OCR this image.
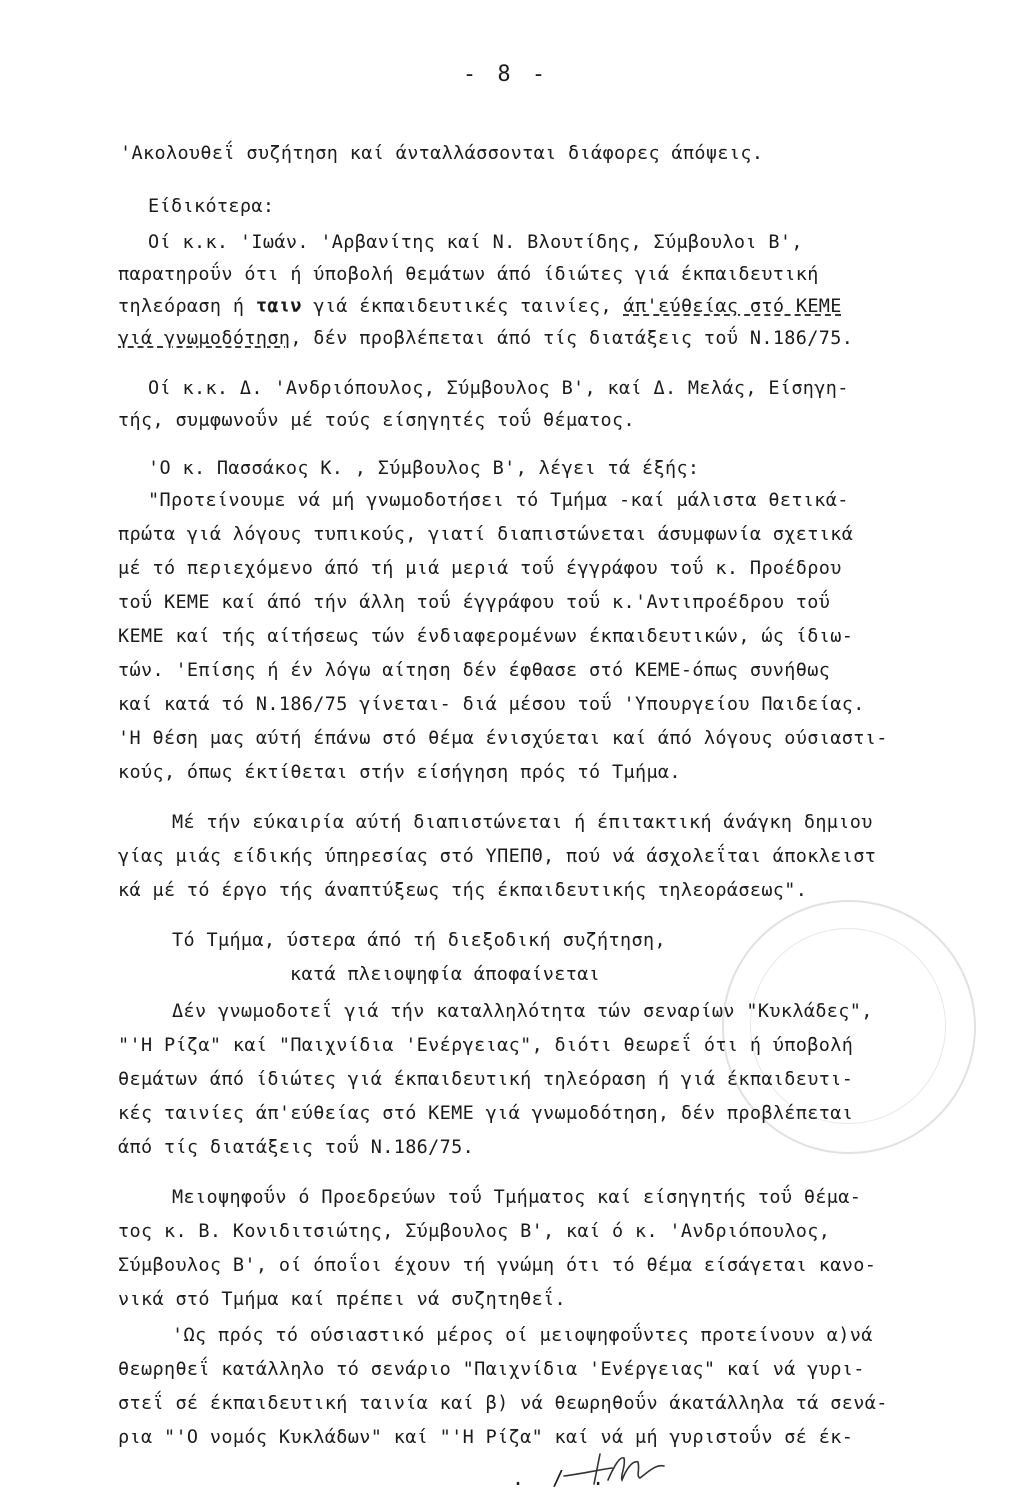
- 8 -
'Ακολουθεΐ συζήτηση καί άνταλλάσσονται διάφορες άπόψεις.
Είδικότερα:
Οί κ.κ. 'Ιωάν. 'Αρβανίτης καί Ν. Βλουτίδης, Σύμβουλοι Β',
παρατηροΰν ότι ή ύποβολή θεμάτων άπό ίδιώτες γιά έκπαιδευτική
τηλεόραση ή ταιν γιά έκπαιδευτικές ταινίες, άπ'εύθείας στό ΚΕΜΕ
γιά γνωμοδότηση, δέν προβλέπεται άπό τίς διατάξεις τοΰ Ν.186/75.
Οί κ.κ. Δ. 'Ανδριόπουλος, Σύμβουλος Β', καί Δ. Μελάς, Είσηγη-
τής, συμφωνοΰν μέ τούς είσηγητές τοΰ θέματος.
'Ο κ. Πασσάκος Κ. , Σύμβουλος Β', λέγει τά έξής:
"Προτείνουμε νά μή γνωμοδοτήσει τό Τμήμα -καί μάλιστα θετικά-
πρώτα γιά λόγους τυπικούς, γιατί διαπιστώνεται άσυμφωνία σχετικά
μέ τό περιεχόμενο άπό τή μιά μεριά τοΰ έγγράφου τοΰ κ. Προέδρου
τοΰ ΚΕΜΕ καί άπό τήν άλλη τοΰ έγγράφου τοΰ κ.'Αντιπροέδρου τοΰ
ΚΕΜΕ καί τής αίτήσεως τών ένδιαφερομένων έκπαιδευτικών, ώς ίδιω-
τών. 'Επίσης ή έν λόγω αίτηση δέν έφθασε στό ΚΕΜΕ-όπως συνήθως
καί κατά τό Ν.186/75 γίνεται- διά μέσου τοΰ 'Υπουργείου Παιδείας.
'Η θέση μας αύτή έπάνω στό θέμα ένισχύεται καί άπό λόγους ούσιαστι-
κούς, όπως έκτίθεται στήν είσήγηση πρός τό Τμήμα.
Μέ τήν εύκαιρία αύτή διαπιστώνεται ή έπιτακτική άνάγκη δημιου
γίας μιάς είδικής ύπηρεσίας στό ΥΠΕΠΘ, πού νά άσχολεΐται άποκλειστ
κά μέ τό έργο τής άναπτύξεως τής έκπαιδευτικής τηλεοράσεως".
Τό Τμήμα, ύστερα άπό τή διεξοδική συζήτηση,
κατά πλειοψηφία άποφαίνεται
Δέν γνωμοδοτεΐ γιά τήν καταλληλότητα τών σεναρίων "Κυκλάδες",
"'Η Ρίζα" καί "Παιχνίδια 'Ενέργειας", διότι θεωρεΐ ότι ή ύποβολή
θεμάτων άπό ίδιώτες γιά έκπαιδευτική τηλεόραση ή γιά έκπαιδευτι-
κές ταινίες άπ'εύθείας στό ΚΕΜΕ γιά γνωμοδότηση, δέν προβλέπεται
άπό τίς διατάξεις τοΰ Ν.186/75.
Μειοψηφοΰν ό Προεδρεύων τοΰ Τμήματος καί είσηγητής τοΰ θέμα-
τος κ. Β. Κονιδιτσιώτης, Σύμβουλος Β', καί ό κ. 'Ανδριόπουλος,
Σύμβουλος Β', οί όποΐοι έχουν τή γνώμη ότι τό θέμα είσάγεται κανο-
νικά στό Τμήμα καί πρέπει νά συζητηθεΐ.
'Ως πρός τό ούσιαστικό μέρος οί μειοψηφοΰντες προτείνουν α)νά
θεωρηθεΐ κατάλληλο τό σενάριο "Παιχνίδια 'Ενέργειας" καί νά γυρι-
στεΐ σέ έκπαιδευτική ταινία καί β) νά θεωρηθοΰν άκατάλληλα τά σενά-
ρια "'Ο νομός Κυκλάδων" καί "'Η Ρίζα" καί νά μή γυριστοΰν σέ έκ-
. / .
